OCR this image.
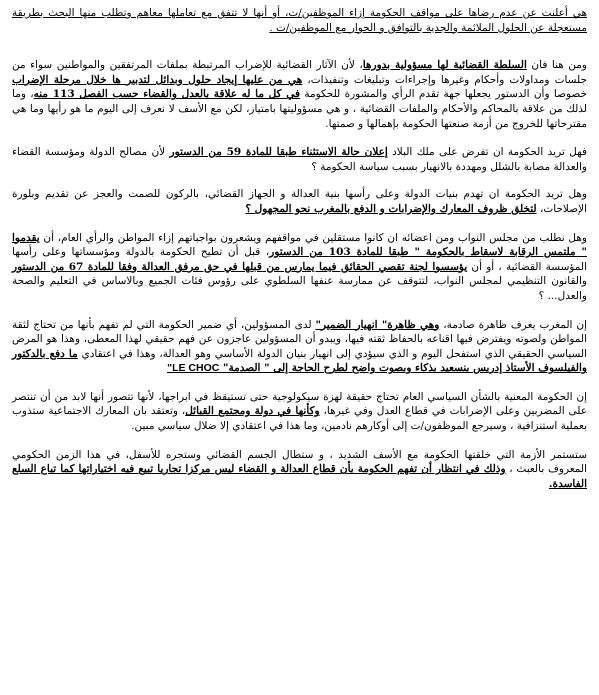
هي أعلنت عن عدم رضاها على مواقف الحكومة إزاء الموظفين/ت، أو أنها لا تتفق مع تعاملها معاهم وتطلب منها البحث بطريقة مستعجلة عن الحلول الملائمة والجدية بالتوافق و الحوار مع الموظفين/ت .

ومن هنا فان السلطة القضائية لها مسؤولية بدورها، لأن الآثار القضائية للإضراب المرتبطة بملفات المرتفقين والمواطنين سواء من جلسات ومداولات وأحكام وغيرها وإجراءات وتبليغات وتنفيذات، هي من عليها إيجاد حلول وبدائل لتدبير ها خلال مرحلة الإضراب خصوصا وأن الدستور يجعلها جهة تقدم الرأي والمشورة للحكومة في كل ما له علاقة بالعدل والقضاء حسب الفصل 113 منه، وما لذلك من علاقة بالمحاكم والأحكام والملفات القضائية ، و هي مسؤوليتها بامتياز، لكن مع الأسف لا نعرف إلى اليوم ما هو رأيها وما هي مقترحاتها للخروج من أزمة صنعتها الحكومة بإهمالها و صمتها.

فهل تريد الحكومة ان تفرض على ملك البلاد إعلان حالة الاستثناء طبقا للمادة 59 من الدستور لأن مصالح الدولة ومؤسسة القضاء والعدالة مصابة بالشلل ومهددة بالانهيار بسبب سياسة الحكومة ؟

وهل تريد الحكومة ان تهدم بنيات الدولة وعلى رأسها بنية العدالة و الجهاز القضائي، بالركون للصمت والعجز عن تقديم وبلورة الإصلاحات، لتخلق ظروف المعارك والإضرابات و الدفع بالمغرب نحو المجهول ؟

وهل نطلب من مجلس النواب ومن اعضائه ان كانوا مستقلين في مواقفهم ويشعرون بواجباتهم إزاء المواطن والرأي العام، أن يقدموا " ملتمس الرقابة لاسقاط بالحكومة " طبقا للمادة 103 من الدستور، قبل أن تطيح الحكومة بالدولة ومؤسساتها وعلى رأسها المؤسسة القضائية ، أو أن يؤسسوا لجنة تقصي الحقائق فيما يمارس من قبلها في حق مرفق العدالة وفقا للمادة 67 من الدستور والقانون التنظيمي لمجلس النواب، لتتوقف عن ممارسة عنفها السلطوي على رؤوس فئات الجميع وبالاساس في التعليم والصحة والعدل... ؟

إن المغرب يعرف ظاهرة صادمة، وهي ظاهرة" انهيار الضمير" لدى المسؤولين، أي ضمير الحكومة التي لم تفهم بأنها من تحتاج لثقة المواطن ولصوته ويفترض فيها اقناعه بالحفاظ ثقته فيها، ويبدو أن المسؤولين عاجزون عن فهم حقيقي لهذا المعطى، وهذا هو المرض السياسي الحقيقي الذي استفحل اليوم و الذي سيؤدي إلى انهيار بنيان الدولة الأساسي وهو العدالة، وهذا في اعتقادي ما دفع بالدكتور والفيلسوف الأستاذ إدريس بنسعيد بذكاء وبصوت واضح لطرح الحاجة إلى " الصدمة" "LE CHOC

إن الحكومة المعنية بالشأن السياسي العام تحتاج حقيقة لهزة سيكولوجية حتى تستيقظ في ابراجها، لأنها تتصور أنها لابد من أن تنتصر على المضربين وعلى الإضرابات في قطاع العدل وفي غيرها، وكأنها في دولة ومجتمع القبائل، وتعتقد بان المعارك الاجتماعية ستذوب بعملية استنزافية ، وسيرجع الموظفون/ت إلى أوكارهم نادمين، وما هذا في اعتقادي إلا ضلال سياسي مبين.

ستستمر الأزمة التي خلقتها الحكومة مع الأسف الشديد ، و ستطال الجسم القضائي وستجره للأسفل، في هذا الزمن الحكومي المعروف بالعبث ، وذلك في انتظار أن تفهم الحكومة بأن قطاع العدالة و القضاء ليس مركزا تجاريا تبيع فيه اختياراتها كما تباع السلع الفاسدة.
